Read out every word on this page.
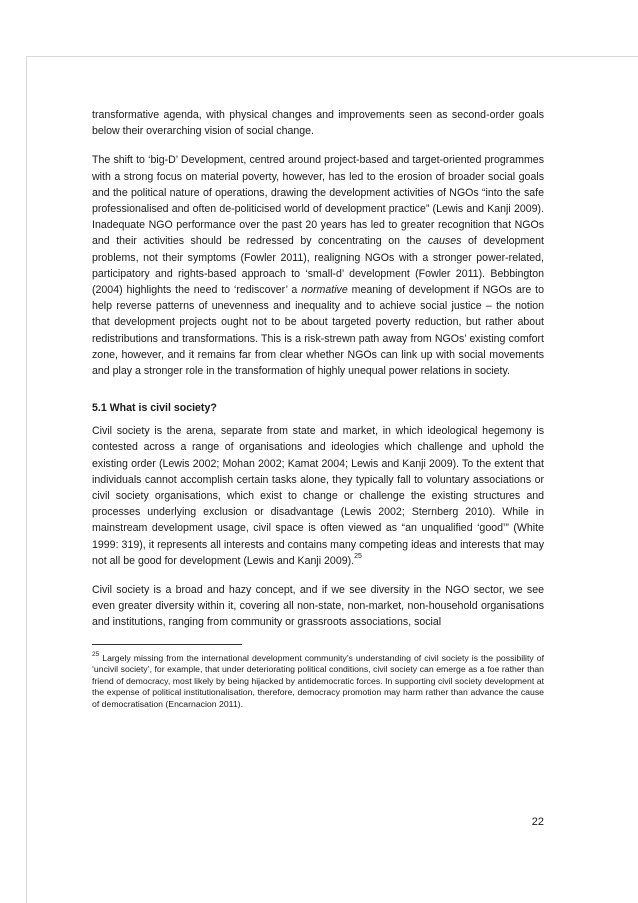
transformative agenda, with physical changes and improvements seen as second-order goals below their overarching vision of social change.

The shift to ‘big-D’ Development, centred around project-based and target-oriented programmes with a strong focus on material poverty, however, has led to the erosion of broader social goals and the political nature of operations, drawing the development activities of NGOs “into the safe professionalised and often de-politicised world of development practice” (Lewis and Kanji 2009). Inadequate NGO performance over the past 20 years has led to greater recognition that NGOs and their activities should be redressed by concentrating on the causes of development problems, not their symptoms (Fowler 2011), realigning NGOs with a stronger power-related, participatory and rights-based approach to ‘small-d’ development (Fowler 2011). Bebbington (2004) highlights the need to ‘rediscover’ a normative meaning of development if NGOs are to help reverse patterns of unevenness and inequality and to achieve social justice – the notion that development projects ought not to be about targeted poverty reduction, but rather about redistributions and transformations. This is a risk-strewn path away from NGOs’ existing comfort zone, however, and it remains far from clear whether NGOs can link up with social movements and play a stronger role in the transformation of highly unequal power relations in society.

5.1 What is civil society?

Civil society is the arena, separate from state and market, in which ideological hegemony is contested across a range of organisations and ideologies which challenge and uphold the existing order (Lewis 2002; Mohan 2002; Kamat 2004; Lewis and Kanji 2009). To the extent that individuals cannot accomplish certain tasks alone, they typically fall to voluntary associations or civil society organisations, which exist to change or challenge the existing structures and processes underlying exclusion or disadvantage (Lewis 2002; Sternberg 2010). While in mainstream development usage, civil space is often viewed as “an unqualified ‘good’” (White 1999: 319), it represents all interests and contains many competing ideas and interests that may not all be good for development (Lewis and Kanji 2009).$^{25}$

Civil society is a broad and hazy concept, and if we see diversity in the NGO sector, we see even greater diversity within it, covering all non-state, non-market, non-household organisations and institutions, ranging from community or grassroots associations, social

$^{25}$ Largely missing from the international development community’s understanding of civil society is the possibility of ‘uncivil society’, for example, that under deteriorating political conditions, civil society can emerge as a foe rather than friend of democracy, most likely by being hijacked by antidemocratic forces. In supporting civil society development at the expense of political institutionalisation, therefore, democracy promotion may harm rather than advance the cause of democratisation (Encarnacion 2011).

22
